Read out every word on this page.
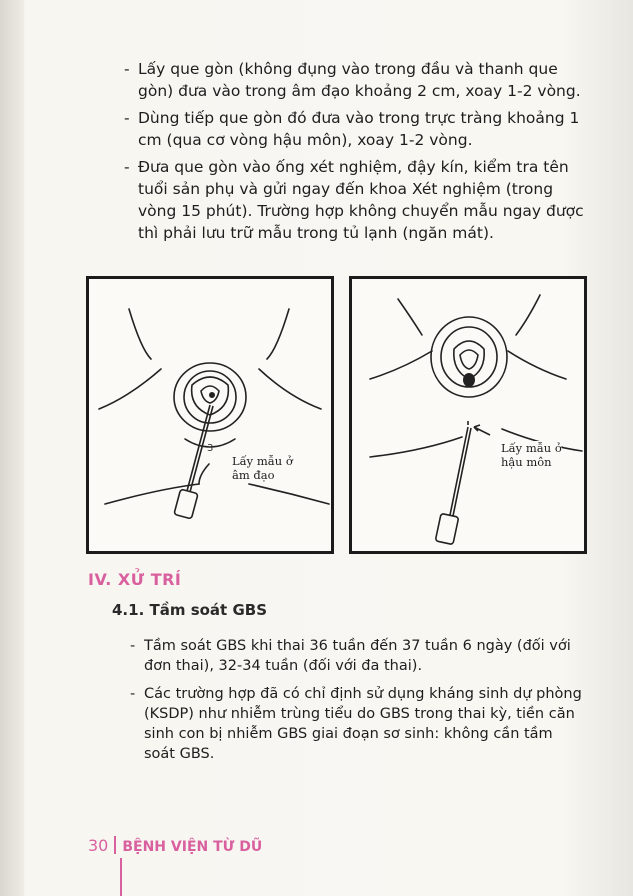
- Lấy que gòn (không đụng vào trong đầu và thanh que gòn) đưa vào trong âm đạo khoảng 2 cm, xoay 1-2 vòng.
- Dùng tiếp que gòn đó đưa vào trong trực tràng khoảng 1 cm (qua cơ vòng hậu môn), xoay 1-2 vòng.
- Đưa que gòn vào ống xét nghiệm, đậy kín, kiểm tra tên tuổi sản phụ và gửi ngay đến khoa Xét nghiệm (trong vòng 15 phút). Trường hợp không chuyển mẫu ngay được thì phải lưu trữ mẫu trong tủ lạnh (ngăn mát).
3
Lấy mẫu ở
âm đạo
Lấy mẫu ở
hậu môn
IV. XỬ TRÍ
4.1. Tầm soát GBS
- Tầm soát GBS khi thai 36 tuần đến 37 tuần 6 ngày (đối với đơn thai), 32-34 tuần (đối với đa thai).
- Các trường hợp đã có chỉ định sử dụng kháng sinh dự phòng (KSDP) như nhiễm trùng tiểu do GBS trong thai kỳ, tiền căn sinh con bị nhiễm GBS giai đoạn sơ sinh: không cần tầm soát GBS.
30 BỆNH VIỆN TỪ DŨ
